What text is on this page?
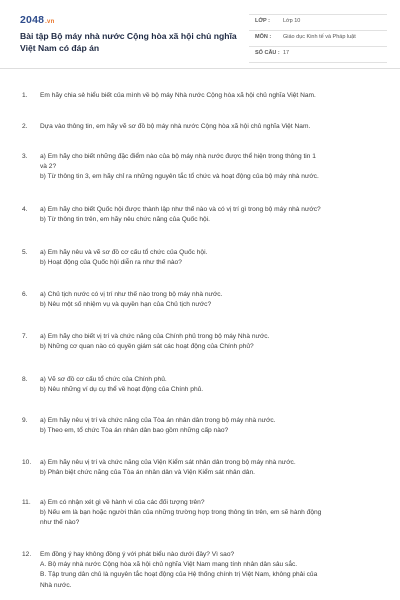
2048.vn
Bài tập Bộ máy nhà nước Cộng hòa xã hội chủ nghĩa Việt Nam có đáp án
LỚP : Lớp 10
MÔN : Giáo dục Kinh tế và Pháp luật
SỐ CÂU : 17
1.	Em hãy chia sẻ hiểu biết của mình về bộ máy Nhà nước Cộng hòa xã hội chủ nghĩa Việt Nam.
2.	Dựa vào thông tin, em hãy vẽ sơ đồ bộ máy nhà nước Cộng hòa xã hội chủ nghĩa Việt Nam.
3.	a) Em hãy cho biết những đặc điểm nào của bộ máy nhà nước được thể hiện trong thông tin 1
và 2?
b) Từ thông tin 3, em hãy chỉ ra những nguyên tắc tổ chức và hoạt động của bộ máy nhà nước.
4.	a) Em hãy cho biết Quốc hội được thành lập như thế nào và có vị trí gì trong bộ máy nhà nước?
b) Từ thông tin trên, em hãy nêu chức năng của Quốc hội.
5.	a) Em hãy nêu và vẽ sơ đồ cơ cấu tổ chức của Quốc hội.
b) Hoạt động của Quốc hội diễn ra như thế nào?
6.	a) Chủ tịch nước có vị trí như thế nào trong bộ máy nhà nước.
b) Nêu một số nhiệm vụ và quyền hạn của Chủ tịch nước?
7.	a) Em hãy cho biết vị trí và chức năng của Chính phủ trong bộ máy Nhà nước.
b) Những cơ quan nào có quyền giám sát các hoạt động của Chính phủ?
8.	a) Vẽ sơ đồ cơ cấu tổ chức của Chính phủ.
b) Nêu những ví dụ cụ thể về hoạt động của Chính phủ.
9.	a) Em hãy nêu vị trí và chức năng của Tòa án nhân dân trong bộ máy nhà nước.
b) Theo em, tổ chức Tòa án nhân dân bao gồm những cấp nào?
10.	a) Em hãy nêu vị trí và chức năng của Viện Kiểm sát nhân dân trong bộ máy nhà nước.
b) Phân biệt chức năng của Tòa án nhân dân và Viện Kiểm sát nhân dân.
11.	a) Em có nhận xét gì về hành vi của các đối tượng trên?
b) Nếu em là bạn hoặc người thân của những trường hợp trong thông tin trên, em sẽ hành động
như thế nào?
12.	Em đồng ý hay không đồng ý với phát biểu nào dưới đây? Vì sao?
A. Bộ máy nhà nước Cộng hòa xã hội chủ nghĩa Việt Nam mang tính nhân dân sâu sắc.
B. Tập trung dân chủ là nguyên tắc hoạt động của Hệ thống chính trị Việt Nam, không phải của
Nhà nước.
